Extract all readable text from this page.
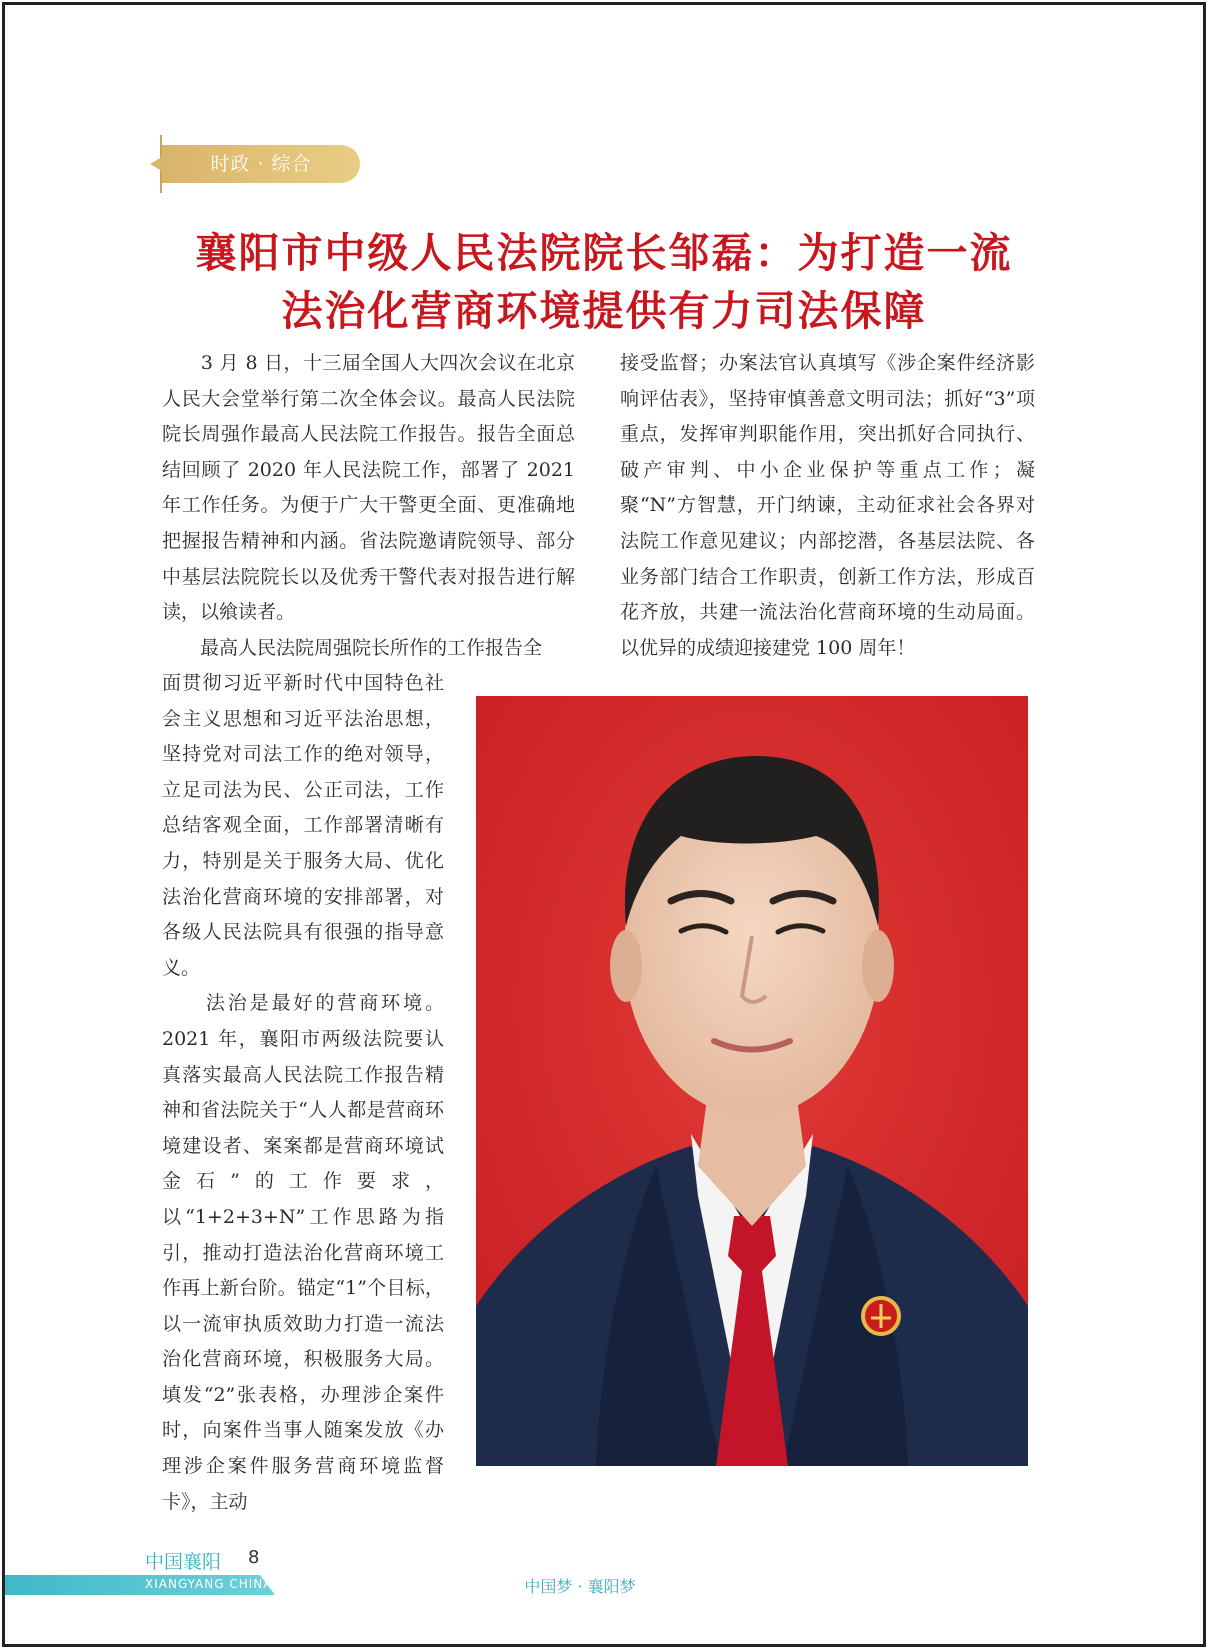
时政 · 综合
襄阳市中级人民法院院长邹磊：为打造一流
法治化营商环境提供有力司法保障

　　3 月 8 日，十三届全国人大四次会议在北京人民大会堂举行第二次全体会议。最高人民法院院长周强作最高人民法院工作报告。报告全面总结回顾了 2020 年人民法院工作，部署了 2021 年工作任务。为便于广大干警更全面、更准确地把握报告精神和内涵。省法院邀请院领导、部分中基层法院院长以及优秀干警代表对报告进行解读，以飨读者。
　　最高人民法院周强院长所作的工作报告全

面贯彻习近平新时代中国特色社会主义思想和习近平法治思想，坚持党对司法工作的绝对领导，立足司法为民、公正司法，工作总结客观全面，工作部署清晰有力，特别是关于服务大局、优化法治化营商环境的安排部署，对各级人民法院具有很强的指导意义。
　　法治是最好的营商环境。2021 年，襄阳市两级法院要认真落实最高人民法院工作报告精神和省法院关于“人人都是营商环境建设者、案案都是营商环境试金石”的工作要求，以“1+2+3+N”工作思路为指引，推动打造法治化营商环境工作再上新台阶。锚定“1”个目标，以一流审执质效助力打造一流法治化营商环境，积极服务大局。填发“2”张表格，办理涉企案件时，向案件当事人随案发放《办理涉企案件服务营商环境监督卡》，主动

接受监督；办案法官认真填写《涉企案件经济影响评估表》，坚持审慎善意文明司法；抓好“3”项重点，发挥审判职能作用，突出抓好合同执行、破产审判、中小企业保护等重点工作；凝聚“N”方智慧，开门纳谏，主动征求社会各界对法院工作意见建议；内部挖潜，各基层法院、各业务部门结合工作职责，创新工作方法，形成百花齐放，共建一流法治化营商环境的生动局面。以优异的成绩迎接建党 100 周年！

中国襄阳 8
XIANGYANG CHINA	中国梦 · 襄阳梦
